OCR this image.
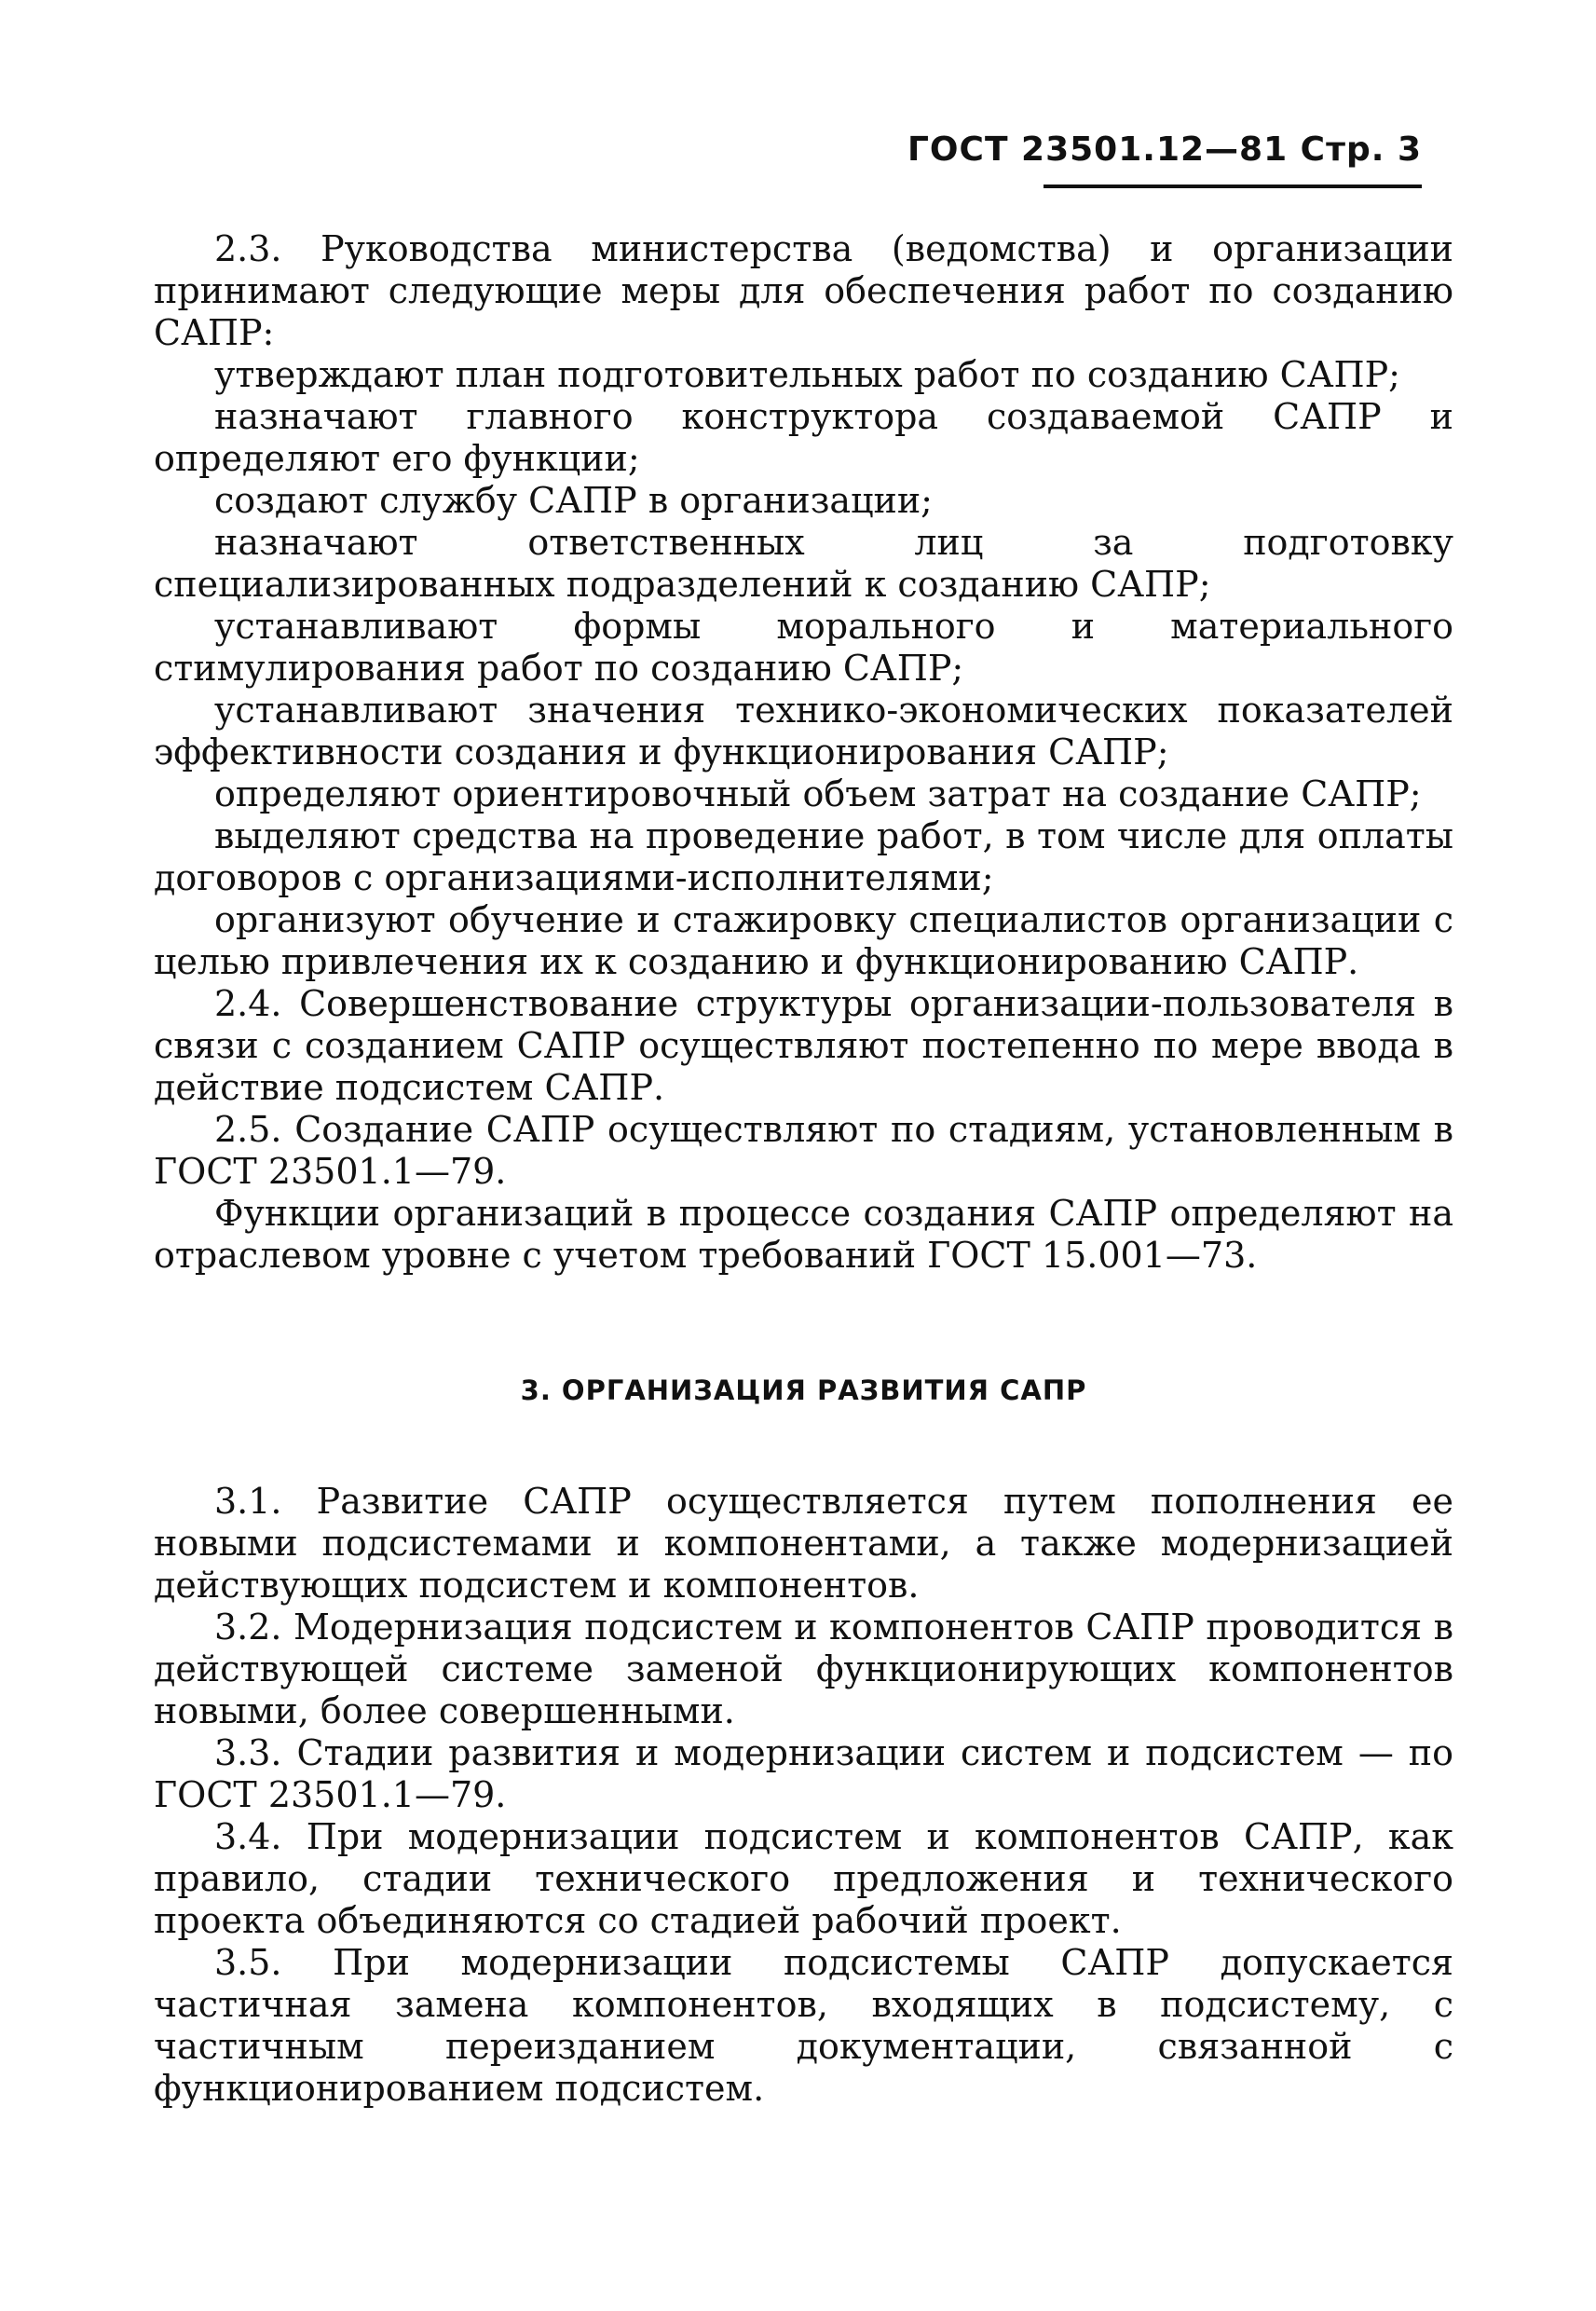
ГОСТ 23501.12—81 Стр. 3

2.3. Руководства министерства (ведомства) и организации принимают следующие меры для обеспечения работ по созданию САПР:

утверждают план подготовительных работ по созданию САПР;

назначают главного конструктора создаваемой САПР и определяют его функции;

создают службу САПР в организации;

назначают ответственных лиц за подготовку специализированных подразделений к созданию САПР;

устанавливают формы морального и материального стимулирования работ по созданию САПР;

устанавливают значения технико-экономических показателей эффективности создания и функционирования САПР;

определяют ориентировочный объем затрат на создание САПР;

выделяют средства на проведение работ, в том числе для оплаты договоров с организациями-исполнителями;

организуют обучение и стажировку специалистов организации с целью привлечения их к созданию и функционированию САПР.

2.4. Совершенствование структуры организации-пользователя в связи с созданием САПР осуществляют постепенно по мере ввода в действие подсистем САПР.

2.5. Создание САПР осуществляют по стадиям, установленным в ГОСТ 23501.1—79.

Функции организаций в процессе создания САПР определяют на отраслевом уровне с учетом требований ГОСТ 15.001—73.

3. ОРГАНИЗАЦИЯ РАЗВИТИЯ САПР

3.1. Развитие САПР осуществляется путем пополнения ее новыми подсистемами и компонентами, а также модернизацией действующих подсистем и компонентов.

3.2. Модернизация подсистем и компонентов САПР проводится в действующей системе заменой функционирующих компонентов новыми, более совершенными.

3.3. Стадии развития и модернизации систем и подсистем — по ГОСТ 23501.1—79.

3.4. При модернизации подсистем и компонентов САПР, как правило, стадии технического предложения и технического проекта объединяются со стадией рабочий проект.

3.5. При модернизации подсистемы САПР допускается частичная замена компонентов, входящих в подсистему, с частичным переизданием документации, связанной с функционированием подсистем.
